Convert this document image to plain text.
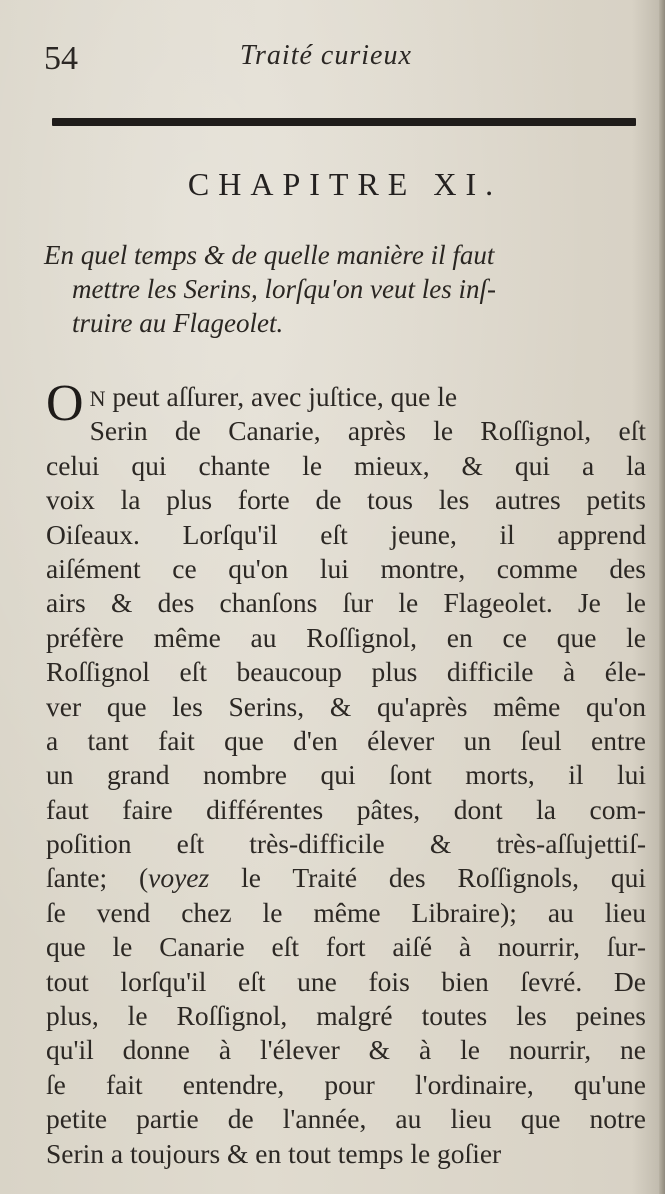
54	Traité curieux
CHAPITRE XI.
En quel temps & de quelle manière il faut
mettre les Serins, lorſqu'on veut les inſ-
truire au Flageolet.
O N peut aſſurer, avec juſtice, que le
Serin de Canarie, après le Roſſignol, eſt
celui qui chante le mieux, & qui a la
voix la plus forte de tous les autres petits
Oiſeaux. Lorſqu'il eſt jeune, il apprend
aiſément ce qu'on lui montre, comme des
airs & des chanſons ſur le Flageolet. Je le
préfère même au Roſſignol, en ce que le
Roſſignol eſt beaucoup plus difficile à éle-
ver que les Serins, & qu'après même qu'on
a tant fait que d'en élever un ſeul entre
un grand nombre qui ſont morts, il lui
faut faire différentes pâtes, dont la com-
poſition eſt très-difficile & très-aſſujettiſ-
ſante; (voyez le Traité des Roſſignols, qui
ſe vend chez le même Libraire); au lieu
que le Canarie eſt fort aiſé à nourrir, ſur-
tout lorſqu'il eſt une fois bien ſevré. De
plus, le Roſſignol, malgré toutes les peines
qu'il donne à l'élever & à le nourrir, ne
ſe fait entendre, pour l'ordinaire, qu'une
petite partie de l'année, au lieu que notre
Serin a toujours & en tout temps le goſier
